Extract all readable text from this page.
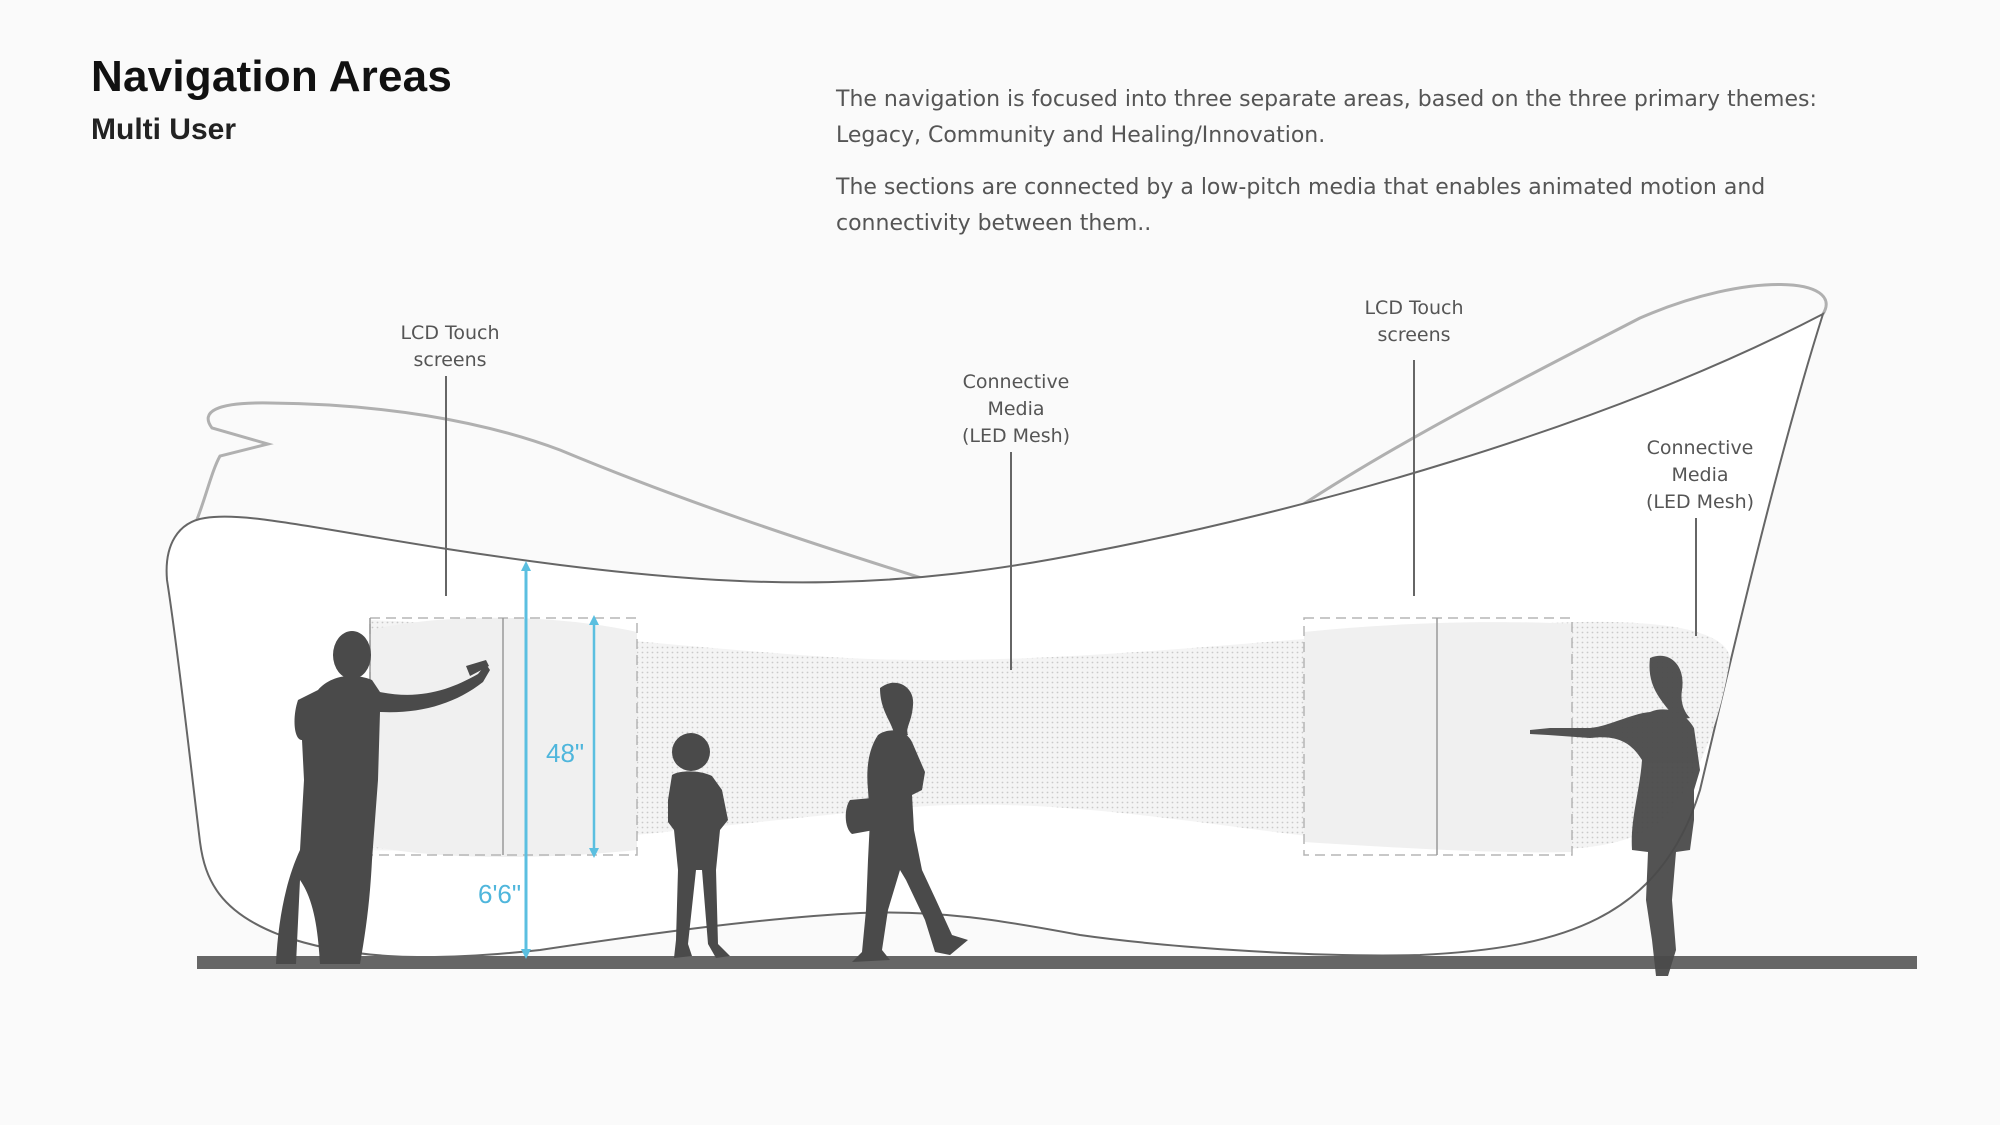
Navigation Areas
Multi User

The navigation is focused into three separate areas, based on the three primary themes: Legacy, Community and Healing/Innovation.

The sections are connected by a low-pitch media that enables animated motion and connectivity between them..

48"
6'6"
LCD Touch
screens
Connective
Media
(LED Mesh)
LCD Touch
screens
Connective
Media
(LED Mesh)
